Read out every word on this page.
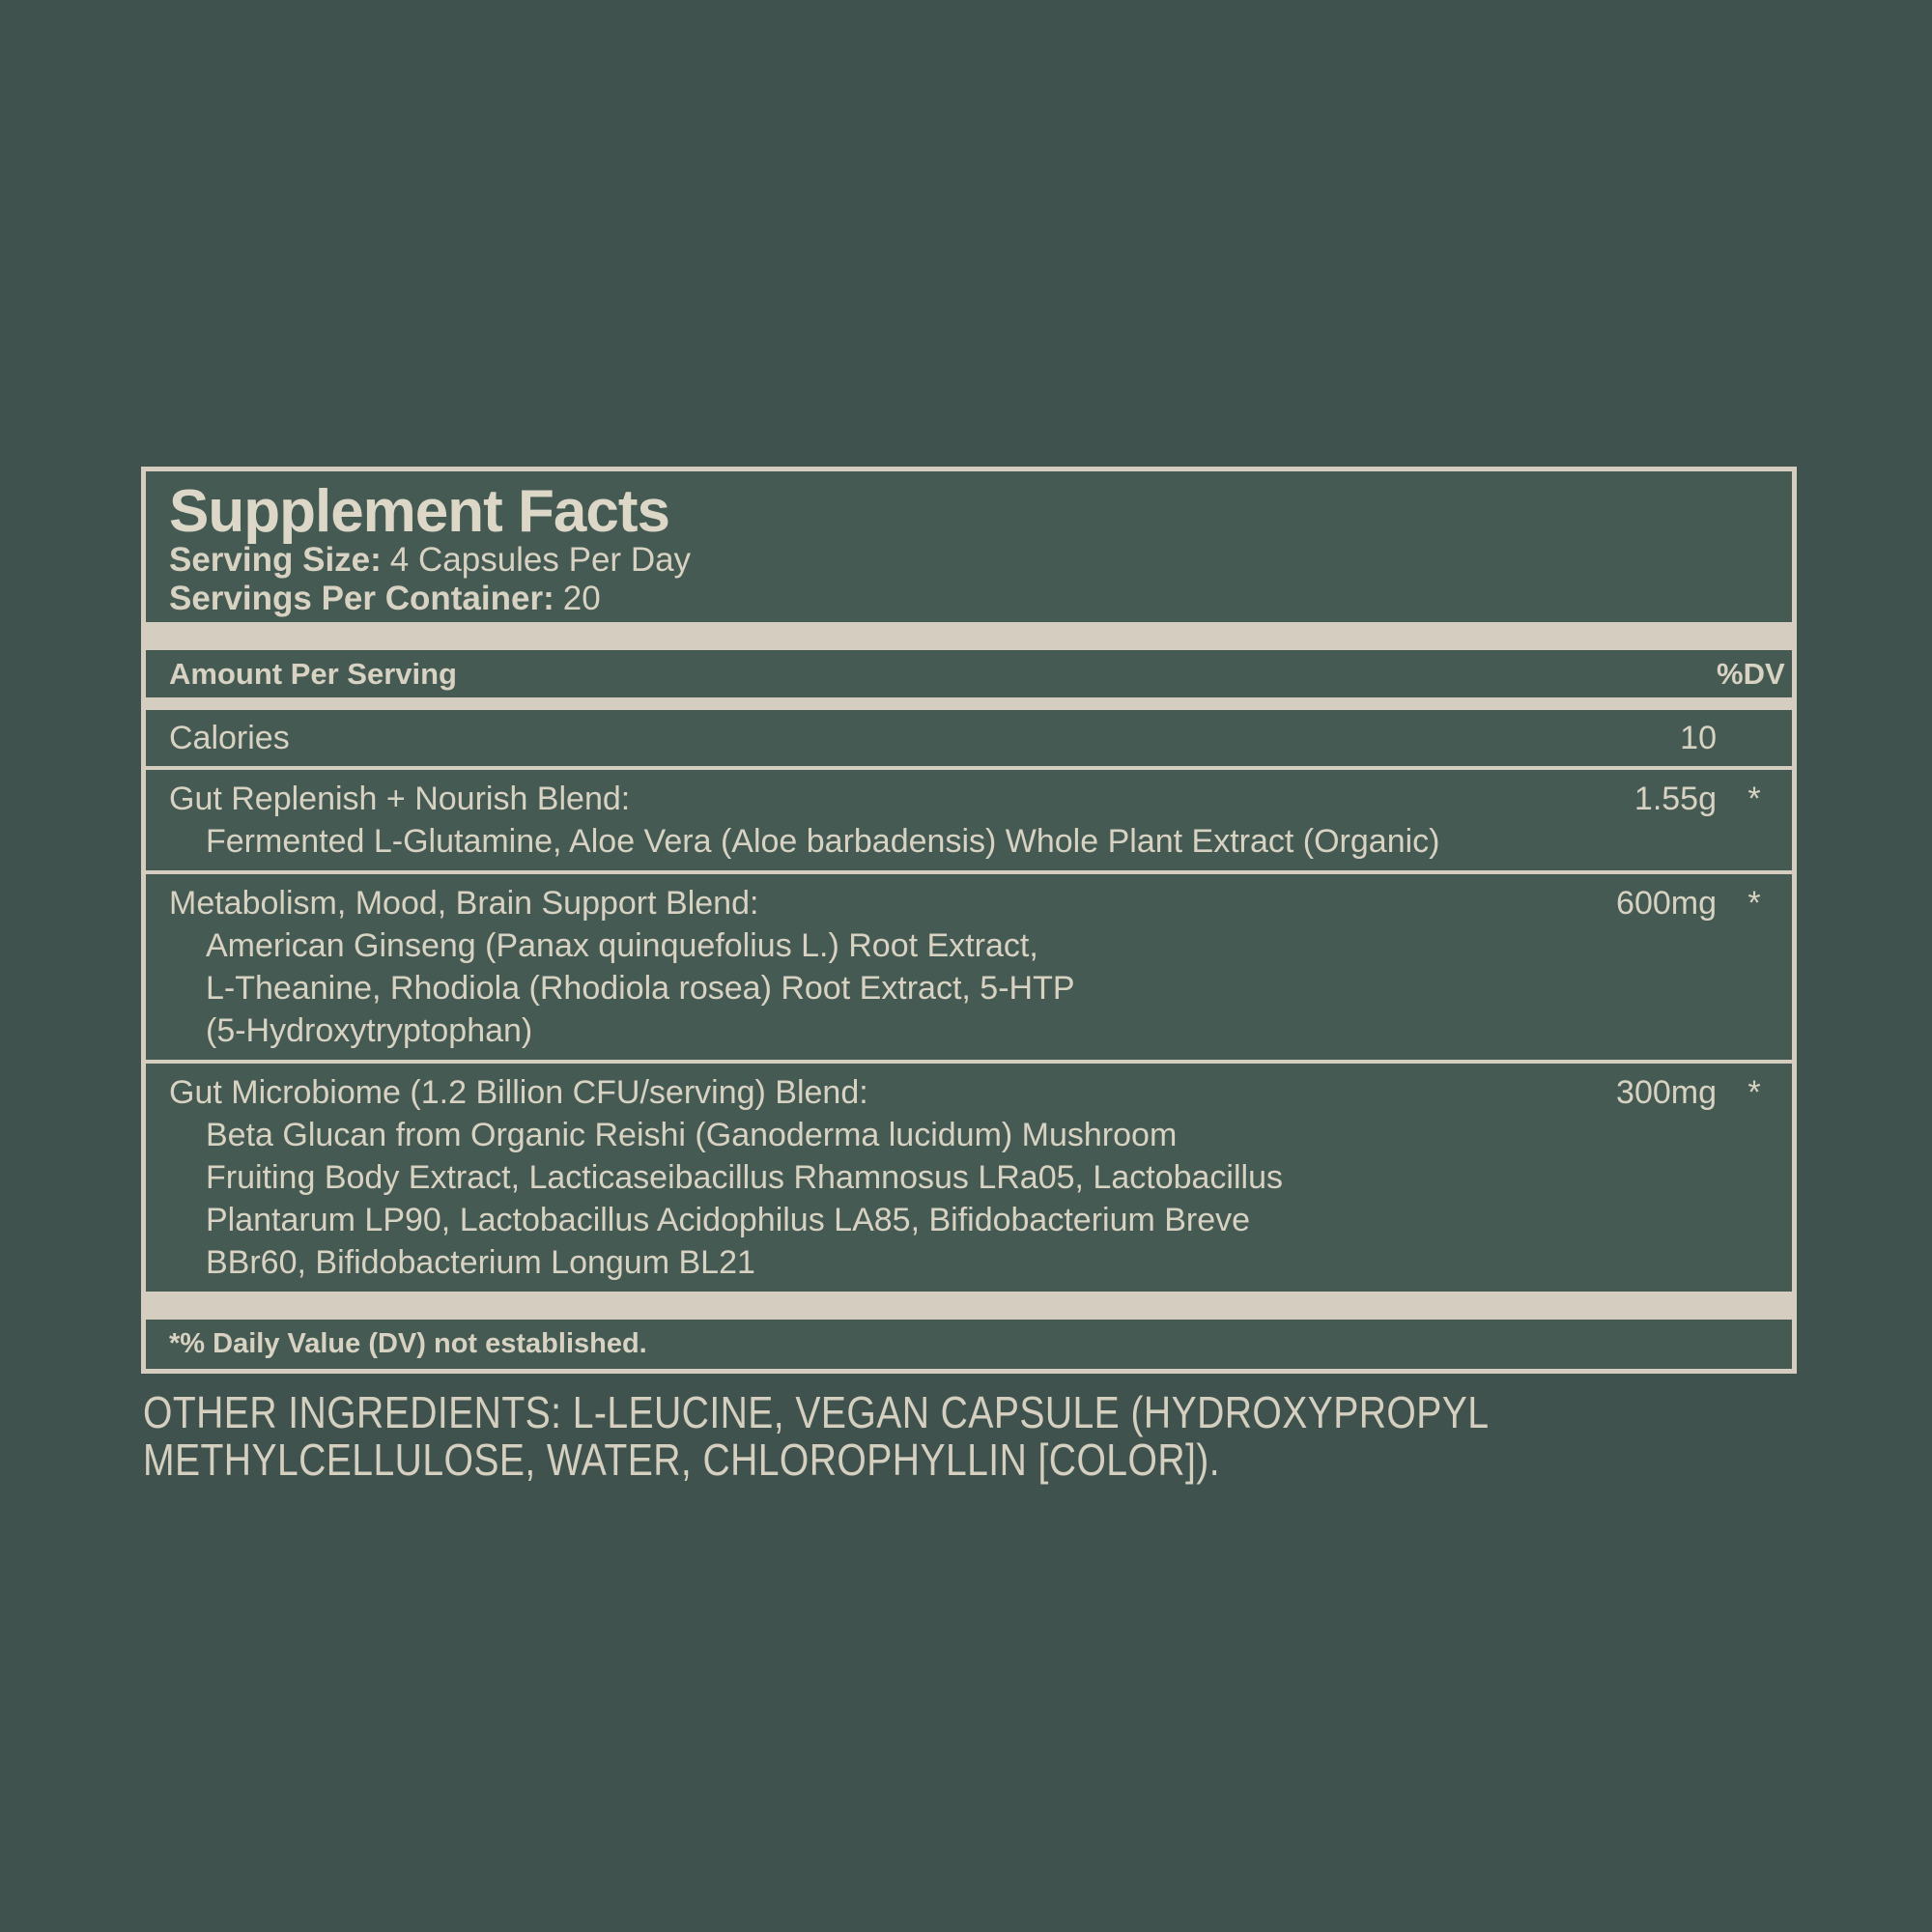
Supplement Facts
Serving Size: 4 Capsules Per Day
Servings Per Container: 20
Amount Per Serving	%DV
Calories	10
Gut Replenish + Nourish Blend:	1.55g *
Fermented L-Glutamine, Aloe Vera (Aloe barbadensis) Whole Plant Extract (Organic)
Metabolism, Mood, Brain Support Blend:	600mg *
American Ginseng (Panax quinquefolius L.) Root Extract,
L-Theanine, Rhodiola (Rhodiola rosea) Root Extract, 5-HTP
(5-Hydroxytryptophan)
Gut Microbiome (1.2 Billion CFU/serving) Blend:	300mg *
Beta Glucan from Organic Reishi (Ganoderma lucidum) Mushroom
Fruiting Body Extract, Lacticaseibacillus Rhamnosus LRa05, Lactobacillus
Plantarum LP90, Lactobacillus Acidophilus LA85, Bifidobacterium Breve
BBr60, Bifidobacterium Longum BL21
*% Daily Value (DV) not established.
OTHER INGREDIENTS: L-LEUCINE, VEGAN CAPSULE (HYDROXYPROPYL
METHYLCELLULOSE, WATER, CHLOROPHYLLIN [COLOR]).
